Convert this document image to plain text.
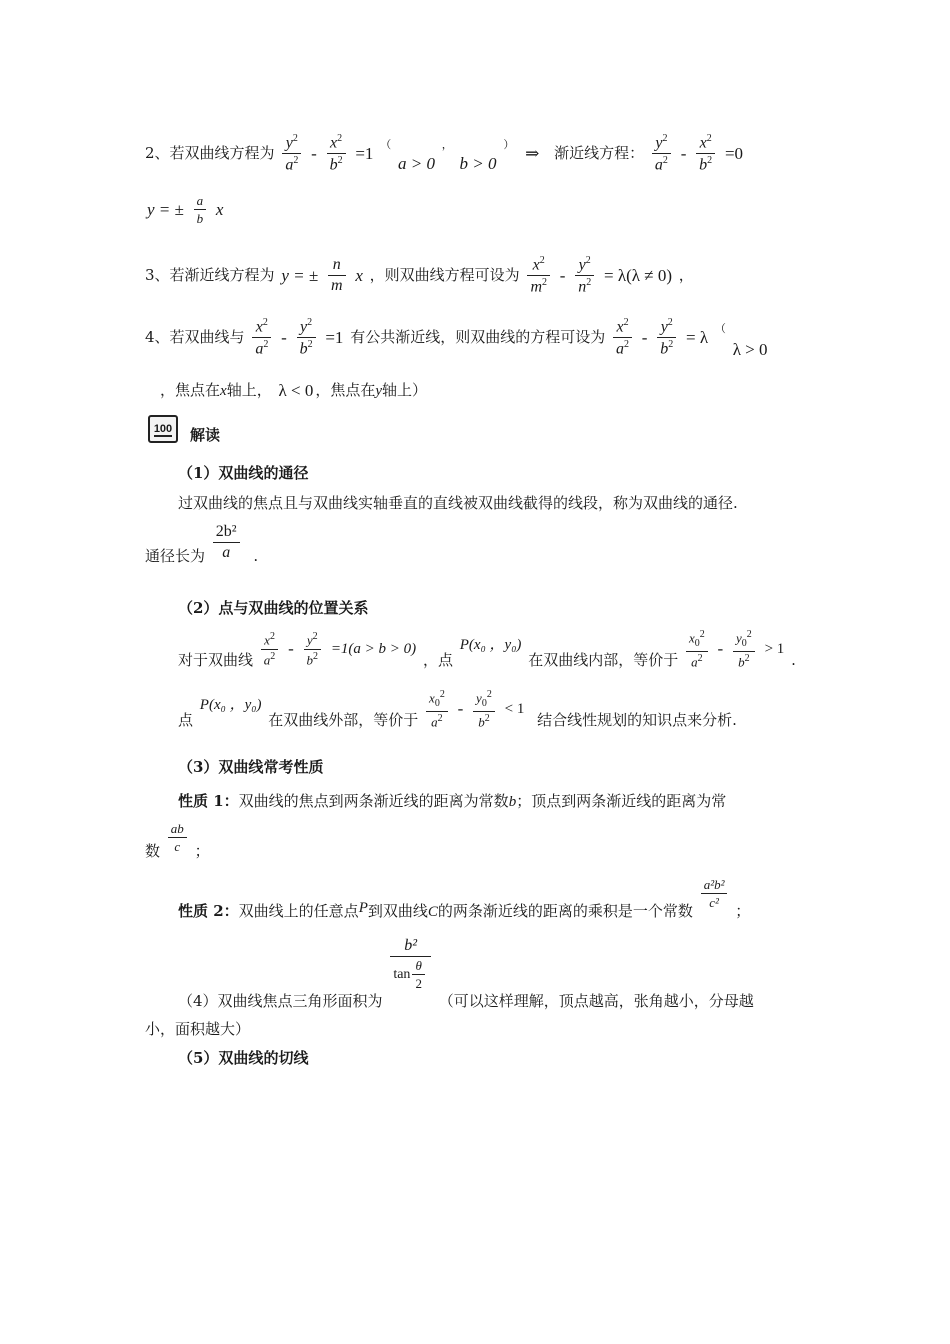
2、若双曲线方程为 $\frac{y^2}{a^2} - \frac{x^2}{b^2} =1$ （ a > 0 ， b > 0 ） ⇒ 渐近线方程： $\frac{y^2}{a^2} - \frac{x^2}{b^2} =0$
y = ± $\frac{a}{b}$ x
3、若渐近线方程为 y = ± $\frac{n}{m}$ x ，则双曲线方程可设为 $\frac{x^2}{m^2} - \frac{y^2}{n^2} = \lambda(\lambda \ne 0)$ ，
4、若双曲线与 $\frac{x^2}{a^2} - \frac{y^2}{b^2} =1$ 有公共渐近线，则双曲线的方程可设为 $\frac{x^2}{a^2} - \frac{y^2}{b^2} = \lambda$ （ λ > 0
，焦点在x轴上， λ < 0 ，焦点在y轴上）
100 解读
（1）双曲线的通径
过双曲线的焦点且与双曲线实轴垂直的直线被双曲线截得的线段，称为双曲线的通径.
通径长为 $\frac{\text{2b²}}{a}$ .
（2）点与双曲线的位置关系
对于双曲线 $\frac{x^2}{a^2} - \frac{y^2}{b^2} =1(a > b > 0)$ ，点 P(x₀ ，y₀) 在双曲线内部，等价于 $\frac{x_0^2}{a^2} - \frac{y_0^2}{b^2} > 1$ .
点 P(x₀ ，y₀) 在双曲线外部，等价于 $\frac{x_0^2}{a^2} - \frac{y_0^2}{b^2} < 1$ 结合线性规划的知识点来分析.
（3）双曲线常考性质
性质 1：双曲线的焦点到两条渐近线的距离为常数b；顶点到两条渐近线的距离为常
数 $\frac{ab}{c}$ ；
性质 2：双曲线上的任意点P到双曲线C的两条渐近线的距离的乘积是一个常数
$\frac{\text{a²b²}}{\text{c²}}$
；
（4）双曲线焦点三角形面积为
$\frac{\text{b²}}{\tan \frac{\theta}{2}}$
（可以这样理解，顶点越高，张角越小，分母越
小，面积越大）
（5）双曲线的切线
